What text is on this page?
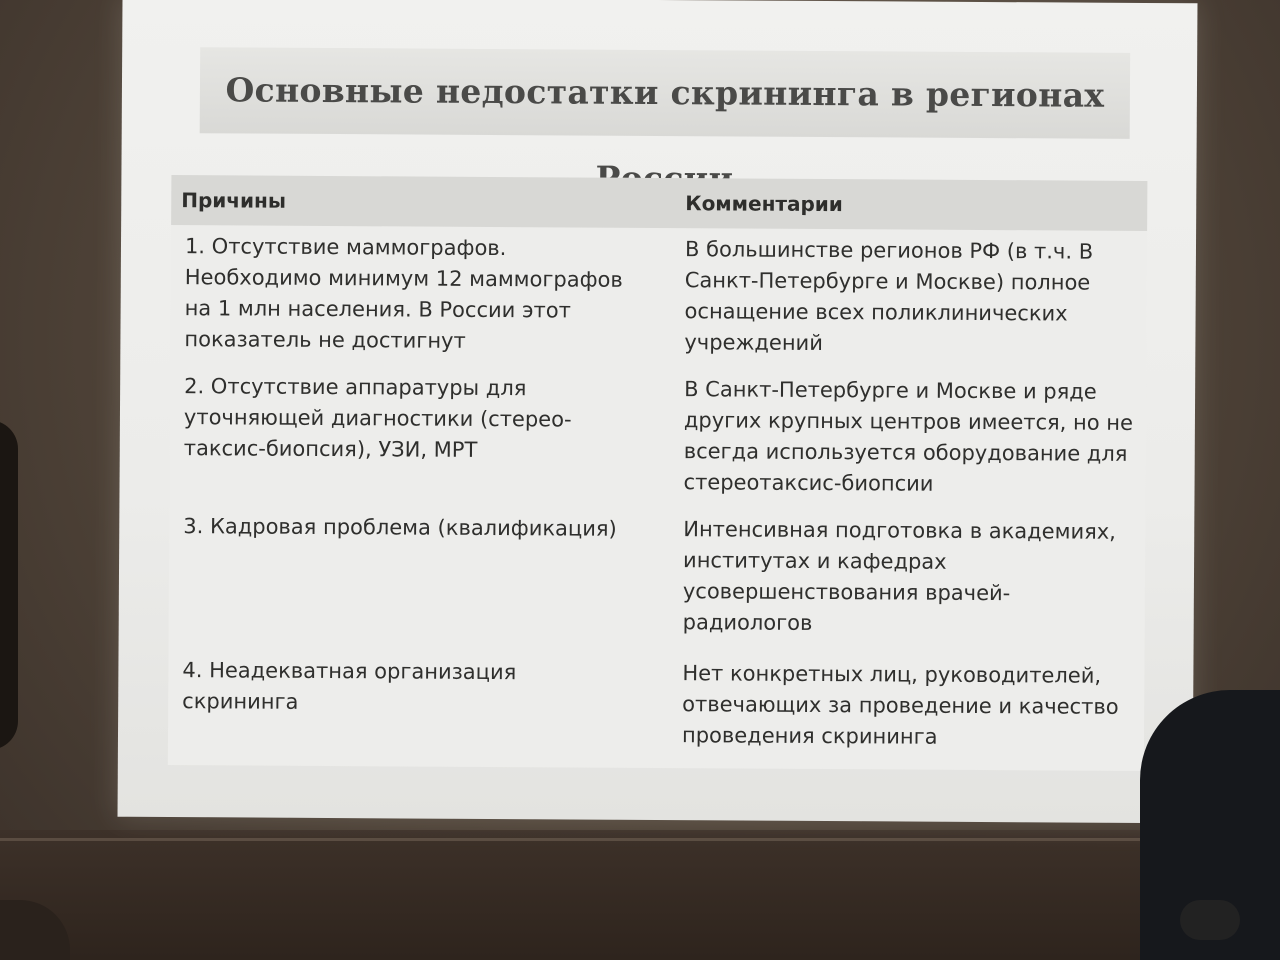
Основные недостатки скрининга в регионах
Причины	Комментарии
1. Отсутствие маммографов.
Необходимо минимум 12 маммографов
на 1 млн населения. В России этот
показатель не достигнут
В большинстве регионов РФ (в т.ч. В
Санкт-Петербурге и Москве) полное
оснащение всех поликлинических
учреждений
2. Отсутствие аппаратуры для
уточняющей диагностики (стерео-
таксис-биопсия), УЗИ, МРТ
В Санкт-Петербурге и Москве и ряде
других крупных центров имеется, но не
всегда используется оборудование для
стереотаксис-биопсии
3. Кадровая проблема (квалификация)	Интенсивная подготовка в академиях,
институтах и кафедрах
усовершенствования врачей-
радиологов
4. Неадекватная организация
скрининга
Нет конкретных лиц, руководителей,
отвечающих за проведение и качество
проведения скрининга
